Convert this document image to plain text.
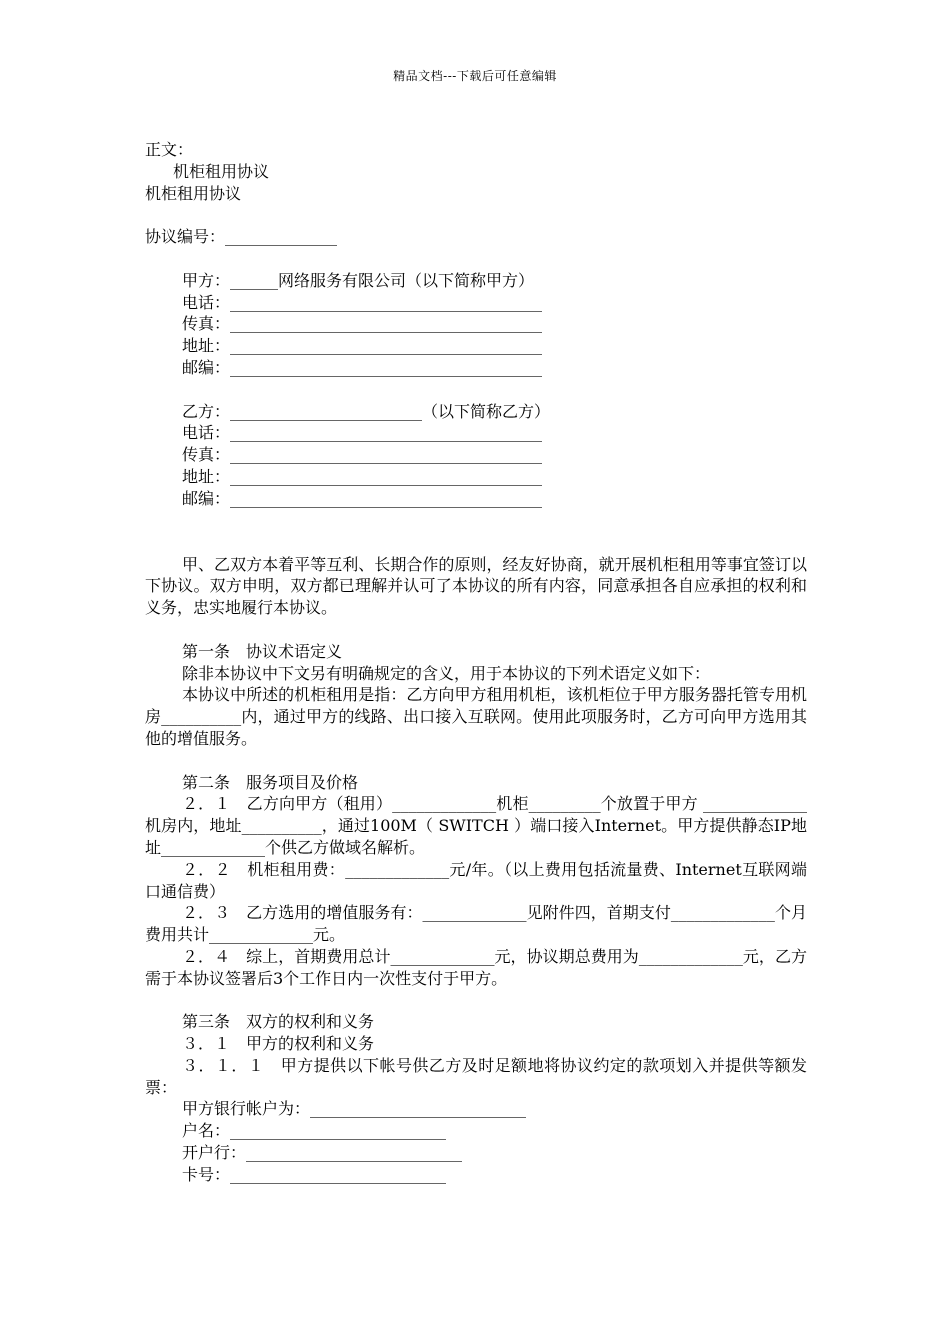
精品文档---下载后可任意编辑
正文：
机柜租用协议
机柜租用协议
协议编号：______________
甲方：______网络服务有限公司（以下简称甲方）
电话：_______________________________________
传真：_______________________________________
地址：_______________________________________
邮编：_______________________________________
乙方：________________________（以下简称乙方）
电话：_______________________________________
传真：_______________________________________
地址：_______________________________________
邮编：_______________________________________
甲、乙双方本着平等互利、长期合作的原则，经友好协商，就开展机柜租用等事宜签订以下协议。双方申明，双方都已理解并认可了本协议的所有内容，同意承担各自应承担的权利和义务，忠实地履行本协议。
第一条　协议术语定义
除非本协议中下文另有明确规定的含义，用于本协议的下列术语定义如下：
本协议中所述的机柜租用是指：乙方向甲方租用机柜，该机柜位于甲方服务器托管专用机房__________内，通过甲方的线路、出口接入互联网。使用此项服务时，乙方可向甲方选用其他的增值服务。
第二条　服务项目及价格
２．１　乙方向甲方（租用）_____________机柜_________个放置于甲方 _____________机房内，地址__________，通过100M（ SWITCH ）端口接入Internet。甲方提供静态IP地址_____________个供乙方做域名解析。
２．２　机柜租用费：_____________元/年。（以上费用包括流量费、Internet互联网端口通信费）
２．３　乙方选用的增值服务有：_____________见附件四，首期支付_____________个月费用共计_____________元。
２．４　综上，首期费用总计_____________元，协议期总费用为_____________元，乙方需于本协议签署后3个工作日内一次性支付于甲方。
第三条　双方的权利和义务
３．１　甲方的权利和义务
３．１．１　甲方提供以下帐号供乙方及时足额地将协议约定的款项划入并提供等额发票：
甲方银行帐户为：___________________________
户名：___________________________
开户行：___________________________
卡号：___________________________
